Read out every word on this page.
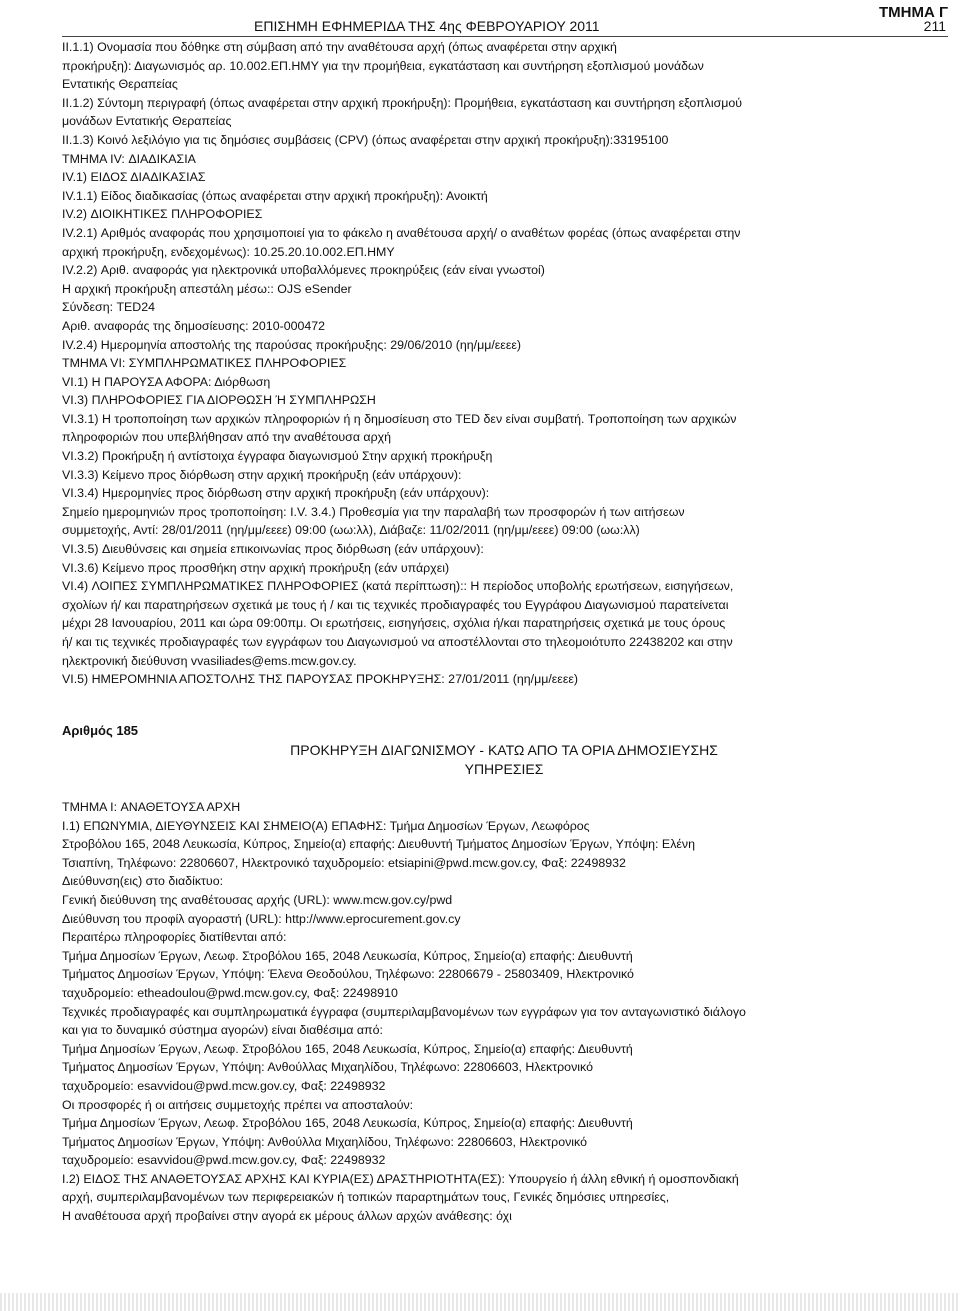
ΤΜΗΜΑ Γ
ΕΠΙΣΗΜΗ ΕΦΗΜΕΡΙΔΑ ΤΗΣ 4ης ΦΕΒΡΟΥΑΡΙΟΥ 2011	211

II.1.1) Ονομασία που δόθηκε στη σύμβαση από την αναθέτουσα αρχή (όπως αναφέρεται στην αρχική

προκήρυξη): Διαγωνισμός αρ. 10.002.ΕΠ.ΗΜΥ για την προμήθεια, εγκατάσταση και συντήρηση εξοπλισμού μονάδων

Εντατικής Θεραπείας

II.1.2) Σύντομη περιγραφή (όπως αναφέρεται στην αρχική προκήρυξη): Προμήθεια, εγκατάσταση και συντήρηση εξοπλισμού

μονάδων Εντατικής Θεραπείας

II.1.3) Κοινό λεξιλόγιο για τις δημόσιες συμβάσεις (CPV) (όπως αναφέρεται στην αρχική προκήρυξη):33195100

ΤΜΗΜΑ IV: ΔΙΑΔΙΚΑΣΙΑ

IV.1) ΕΙΔΟΣ ΔΙΑΔΙΚΑΣΙΑΣ

IV.1.1) Είδος διαδικασίας (όπως αναφέρεται στην αρχική προκήρυξη): Ανοικτή

IV.2) ΔΙΟΙΚΗΤΙΚΕΣ ΠΛΗΡΟΦΟΡΙΕΣ

IV.2.1) Αριθμός αναφοράς που χρησιμοποιεί για το φάκελο η αναθέτουσα αρχή/ ο αναθέτων φορέας (όπως αναφέρεται στην

αρχική προκήρυξη, ενδεχομένως): 10.25.20.10.002.ΕΠ.ΗΜΥ

IV.2.2) Αριθ. αναφοράς για ηλεκτρονικά υποβαλλόμενες προκηρύξεις (εάν είναι γνωστοί)

Η αρχική προκήρυξη απεστάλη μέσω:: OJS eSender

Σύνδεση: TED24

Αριθ. αναφοράς της δημοσίευσης: 2010-000472

IV.2.4) Ημερομηνία αποστολής της παρούσας προκήρυξης: 29/06/2010 (ηη/μμ/εεεε)

ΤΜΗΜΑ VI: ΣΥΜΠΛΗΡΩΜΑΤΙΚΕΣ ΠΛΗΡΟΦΟΡΙΕΣ

VI.1) Η ΠΑΡΟΥΣΑ ΑΦΟΡΑ: Διόρθωση

VI.3) ΠΛΗΡΟΦΟΡΙΕΣ ΓΙΑ ΔΙΟΡΘΩΣΗ Ή ΣΥΜΠΛΗΡΩΣΗ

VI.3.1) Η τροποποίηση των αρχικών πληροφοριών ή η δημοσίευση στο TED δεν είναι συμβατή. Τροποποίηση των αρχικών

πληροφοριών που υπεβλήθησαν από την αναθέτουσα αρχή

VI.3.2) Προκήρυξη ή αντίστοιχα έγγραφα διαγωνισμού Στην αρχική προκήρυξη

VI.3.3) Κείμενο προς διόρθωση στην αρχική προκήρυξη (εάν υπάρχουν):

VI.3.4) Ημερομηνίες προς διόρθωση στην αρχική προκήρυξη (εάν υπάρχουν):

Σημείο ημερομηνιών προς τροποποίηση: I.V. 3.4.) Προθεσμία για την παραλαβή των προσφορών ή των αιτήσεων

συμμετοχής, Αντί: 28/01/2011 (ηη/μμ/εεεε) 09:00 (ωω:λλ), Διάβαζε: 11/02/2011 (ηη/μμ/εεεε) 09:00 (ωω:λλ)

VI.3.5) Διευθύνσεις και σημεία επικοινωνίας προς διόρθωση (εάν υπάρχουν):

VI.3.6) Κείμενο προς προσθήκη στην αρχική προκήρυξη (εάν υπάρχει)

VI.4) ΛΟΙΠΕΣ ΣΥΜΠΛΗΡΩΜΑΤΙΚΕΣ ΠΛΗΡΟΦΟΡΙΕΣ (κατά περίπτωση):: Η περίοδος υποβολής ερωτήσεων, εισηγήσεων,

σχολίων ή/ και παρατηρήσεων σχετικά με τους ή / και τις τεχνικές προδιαγραφές του Εγγράφου Διαγωνισμού παρατείνεται

μέχρι 28 Ιανουαρίου, 2011 και ώρα 09:00πμ. Οι ερωτήσεις, εισηγήσεις, σχόλια ή/και παρατηρήσεις σχετικά με τους όρους

ή/ και τις τεχνικές προδιαγραφές των εγγράφων του Διαγωνισμού να αποστέλλονται στο τηλεομοιότυπο 22438202 και στην

ηλεκτρονική διεύθυνση vvasiliades@ems.mcw.gov.cy.

VI.5) ΗΜΕΡΟΜΗΝΙΑ ΑΠΟΣΤΟΛΗΣ ΤΗΣ ΠΑΡΟΥΣΑΣ ΠΡΟΚΗΡΥΞΗΣ: 27/01/2011 (ηη/μμ/εεεε)

Αριθμός 185
ΠΡΟΚΗΡΥΞΗ ΔΙΑΓΩΝΙΣΜΟΥ - ΚΑΤΩ ΑΠΟ ΤΑ ΟΡΙΑ ΔΗΜΟΣΙΕΥΣΗΣ
ΥΠΗΡΕΣΙΕΣ

ΤΜΗΜΑ I: ΑΝΑΘΕΤΟΥΣΑ ΑΡΧΗ

I.1) ΕΠΩΝΥΜΙΑ, ΔΙΕΥΘΥΝΣΕΙΣ ΚΑΙ ΣΗΜΕΙΟ(Α) ΕΠΑΦΗΣ: Τμήμα Δημοσίων Έργων, Λεωφόρος

Στροβόλου 165, 2048 Λευκωσία, Κύπρος, Σημείο(α) επαφής: Διευθυντή Τμήματος Δημοσίων Έργων, Υπόψη: Ελένη

Τσιαπίνη, Τηλέφωνο: 22806607, Ηλεκτρονικό ταχυδρομείο: etsiapini@pwd.mcw.gov.cy, Φαξ: 22498932

Διεύθυνση(εις) στο διαδίκτυο:

Γενική διεύθυνση της αναθέτουσας αρχής (URL): www.mcw.gov.cy/pwd

Διεύθυνση του προφίλ αγοραστή (URL): http://www.eprocurement.gov.cy

Περαιτέρω πληροφορίες διατίθενται από:

Τμήμα Δημοσίων Έργων, Λεωφ. Στροβόλου 165, 2048 Λευκωσία, Κύπρος, Σημείο(α) επαφής: Διευθυντή

Τμήματος Δημοσίων Έργων, Υπόψη: Έλενα Θεοδούλου, Τηλέφωνο: 22806679 - 25803409, Ηλεκτρονικό

ταχυδρομείο: etheadoulou@pwd.mcw.gov.cy, Φαξ: 22498910

Τεχνικές προδιαγραφές και συμπληρωματικά έγγραφα (συμπεριλαμβανομένων των εγγράφων για τον ανταγωνιστικό διάλογο

και για το δυναμικό σύστημα αγορών) είναι διαθέσιμα από:

Τμήμα Δημοσίων Έργων, Λεωφ. Στροβόλου 165, 2048 Λευκωσία, Κύπρος, Σημείο(α) επαφής: Διευθυντή

Τμήματος Δημοσίων Έργων, Υπόψη: Ανθούλλας Μιχαηλίδου, Τηλέφωνο: 22806603, Ηλεκτρονικό

ταχυδρομείο: esavvidou@pwd.mcw.gov.cy, Φαξ: 22498932

Οι προσφορές ή οι αιτήσεις συμμετοχής πρέπει να αποσταλούν:

Τμήμα Δημοσίων Έργων, Λεωφ. Στροβόλου 165, 2048 Λευκωσία, Κύπρος, Σημείο(α) επαφής: Διευθυντή

Τμήματος Δημοσίων Έργων, Υπόψη: Ανθούλλα Μιχαηλίδου, Τηλέφωνο: 22806603, Ηλεκτρονικό

ταχυδρομείο: esavvidou@pwd.mcw.gov.cy, Φαξ: 22498932

I.2) ΕΙΔΟΣ ΤΗΣ ΑΝΑΘΕΤΟΥΣΑΣ ΑΡΧΗΣ ΚΑΙ ΚΥΡΙΑ(ΕΣ) ΔΡΑΣΤΗΡΙΟΤΗΤΑ(ΕΣ): Υπουργείο ή άλλη εθνική ή ομοσπονδιακή

αρχή, συμπεριλαμβανομένων των περιφερειακών ή τοπικών παραρτημάτων τους, Γενικές δημόσιες υπηρεσίες,

Η αναθέτουσα αρχή προβαίνει στην αγορά εκ μέρους άλλων αρχών ανάθεσης: όχι
